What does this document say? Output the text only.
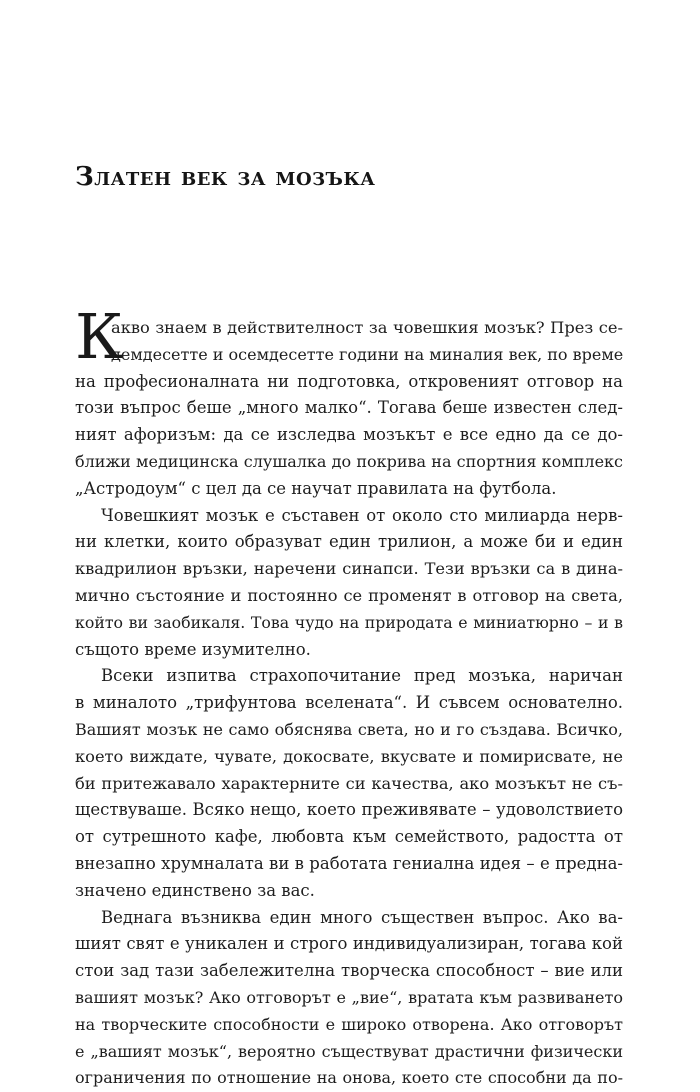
Златен век за мозъка
К
акво знаем в действителност за човешкия мозък? През се-
демдесетте и осемдесетте години на миналия век, по време
на професионалната ни подготовка, откровеният отговор на
този въпрос беше „много малко“. Тогава беше известен след-
ният афоризъм: да се изследва мозъкът е все едно да се до-
ближи медицинска слушалка до покрива на спортния комплекс
„Астродоум“ с цел да се научат правилата на футбола.
Човешкият мозък е съставен от около сто милиарда нерв-
ни клетки, които образуват един трилион, а може би и един
квадрилион връзки, наречени синапси. Тези връзки са в дина-
мично състояние и постоянно се променят в отговор на света,
който ви заобикаля. Това чудо на природата е миниатюрно – и в
същото време изумително.
Всеки изпитва страхопочитание пред мозъка, наричан
в миналото „трифунтова вселената“. И съвсем основателно.
Вашият мозък не само обяснява света, но и го създава. Всичко,
което виждате, чувате, докосвате, вкусвате и помирисвате, не
би притежавало характерните си качества, ако мозъкът не съ-
ществуваше. Всяко нещо, което преживявате – удоволствието
от сутрешното кафе, любовта към семейството, радостта от
внезапно хрумналата ви в работата гениална идея – е предна-
значено единствено за вас.
Веднага възниква един много съществен въпрос. Ако ва-
шият свят е уникален и строго индивидуализиран, тогава кой
стои зад тази забележителна творческа способност – вие или
вашият мозък? Ако отговорът е „вие“, вратата към развиването
на творческите способности е широко отворена. Ако отговорът
е „вашият мозък“, вероятно съществуват драстични физически
ограничения по отношение на онова, което сте способни да по-
